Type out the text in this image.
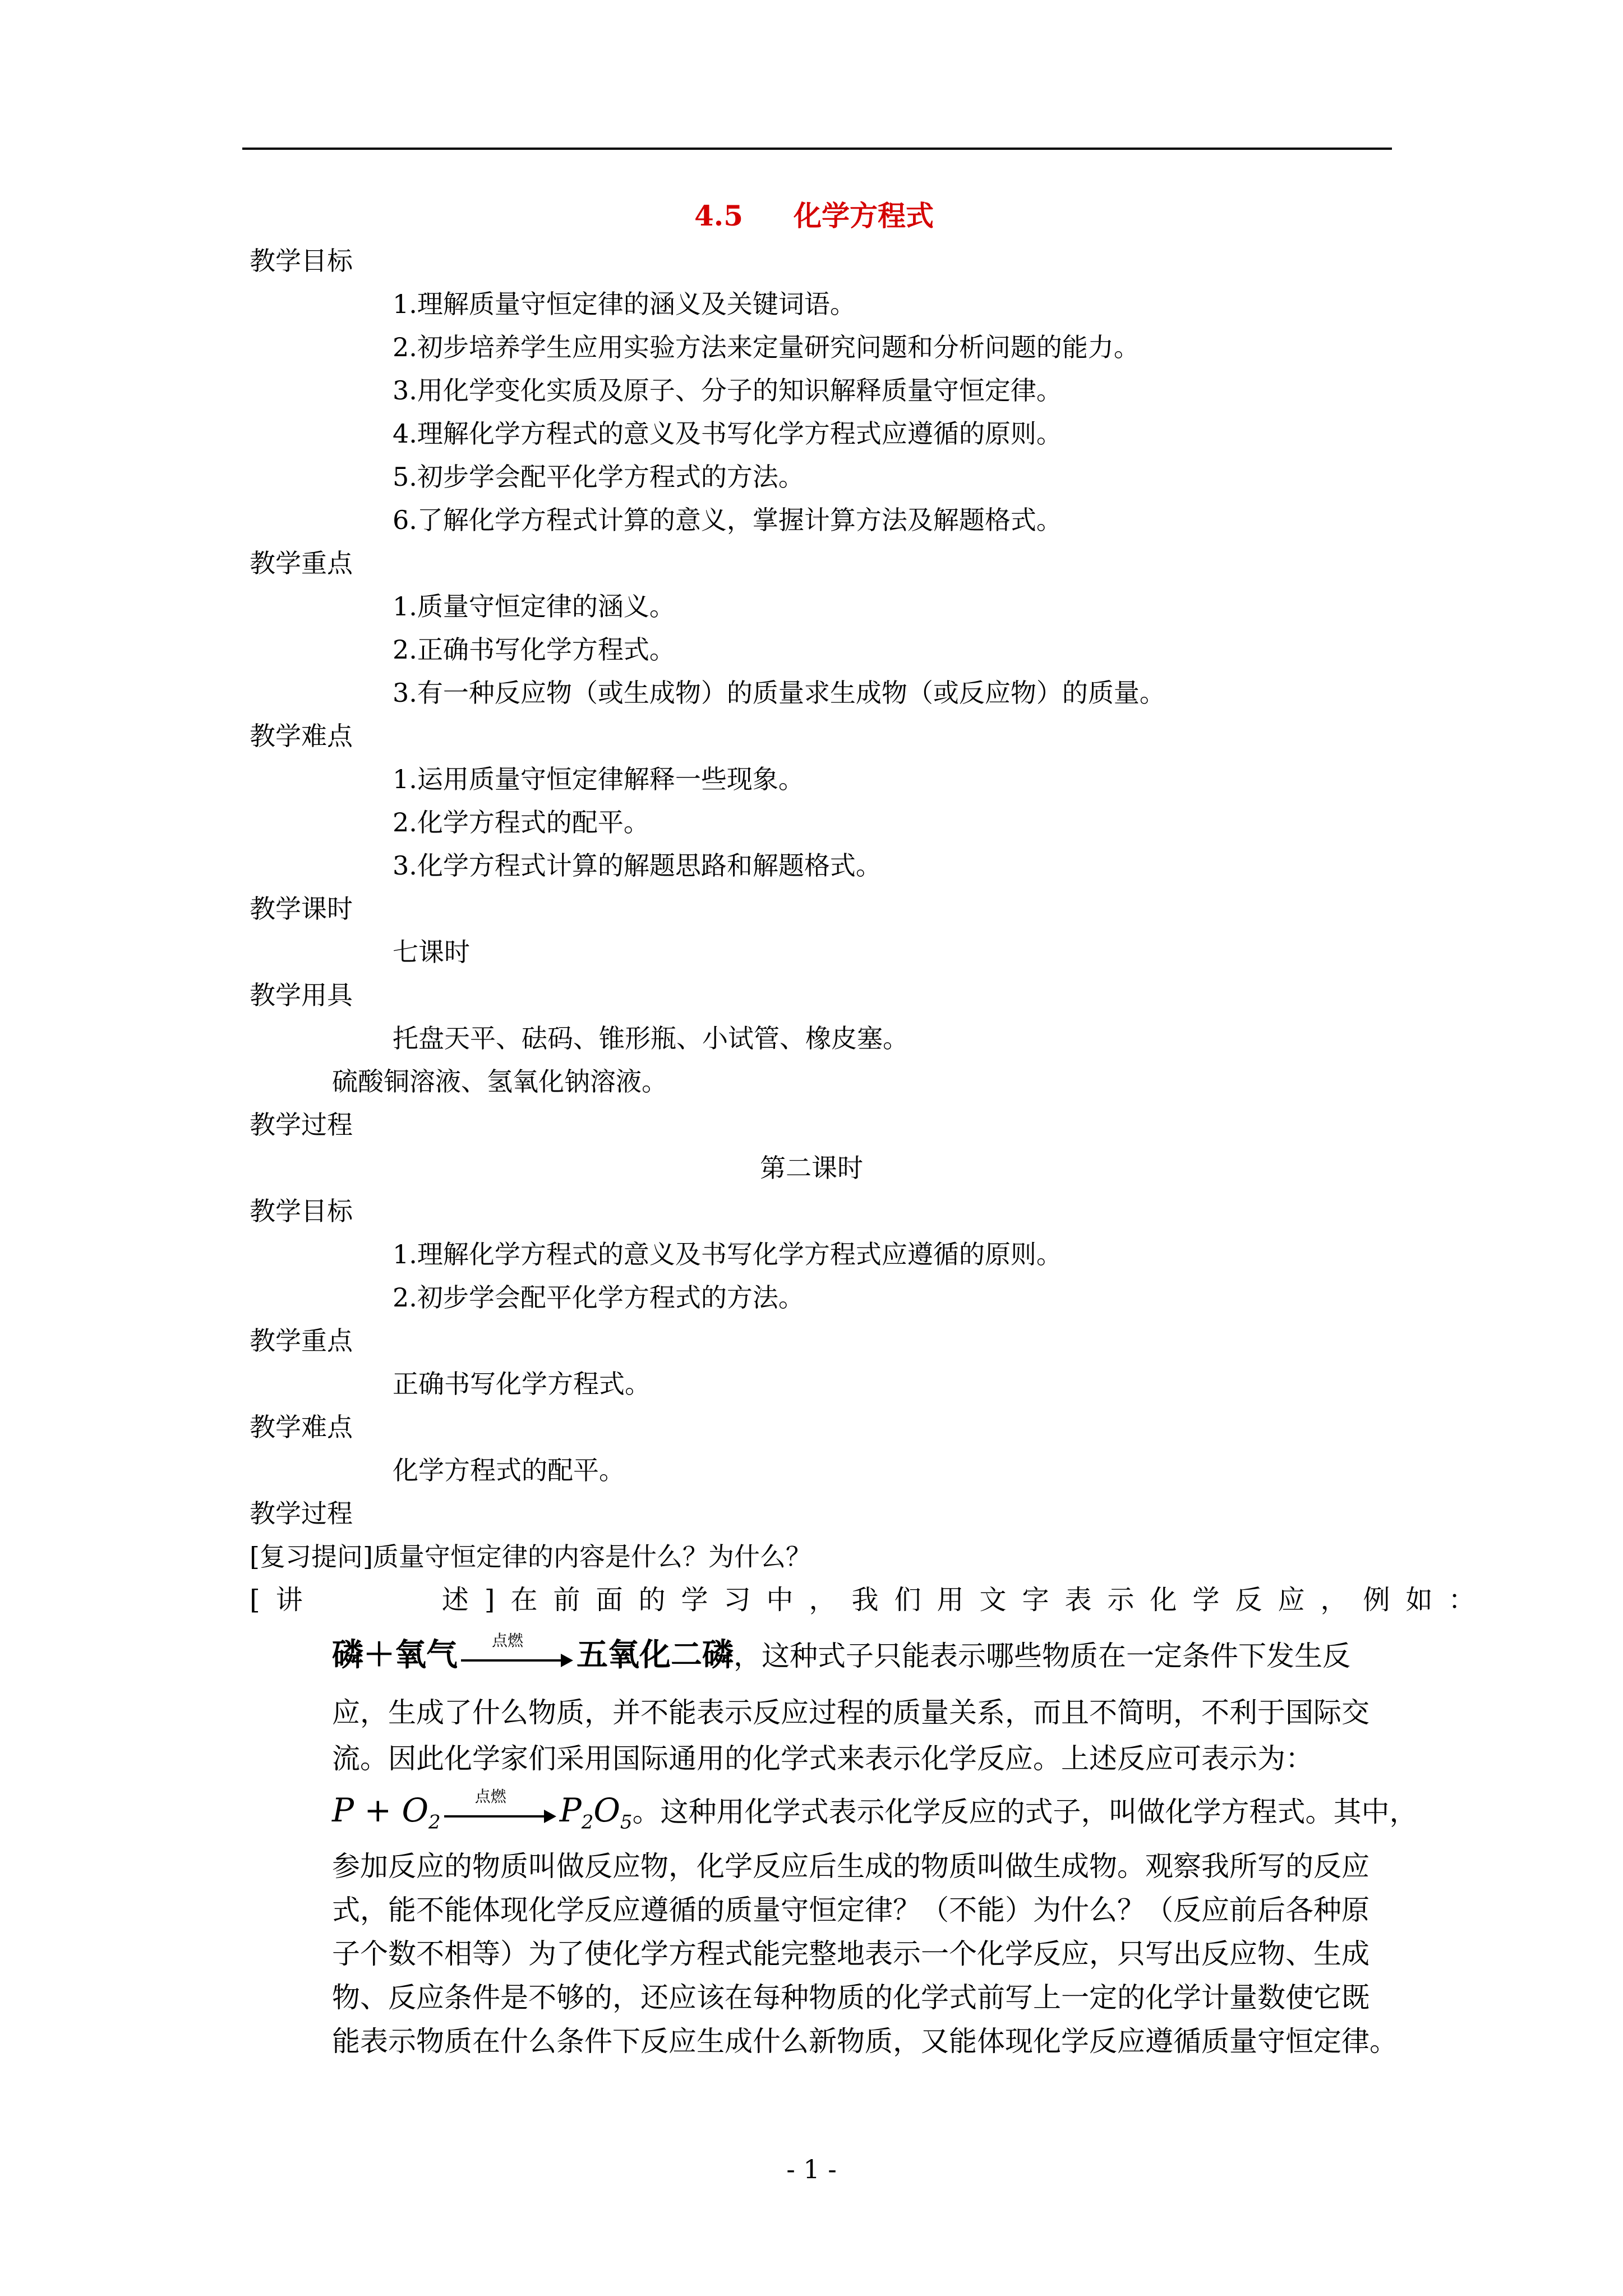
4.5 化学方程式
教学目标
1.理解质量守恒定律的涵义及关键词语。
2.初步培养学生应用实验方法来定量研究问题和分析问题的能力。
3.用化学变化实质及原子、分子的知识解释质量守恒定律。
4.理解化学方程式的意义及书写化学方程式应遵循的原则。
5.初步学会配平化学方程式的方法。
6.了解化学方程式计算的意义，掌握计算方法及解题格式。
教学重点
1.质量守恒定律的涵义。
2.正确书写化学方程式。
3.有一种反应物（或生成物）的质量求生成物（或反应物）的质量。
教学难点
1.运用质量守恒定律解释一些现象。
2.化学方程式的配平。
3.化学方程式计算的解题思路和解题格式。
教学课时
七课时
教学用具
托盘天平、砝码、锥形瓶、小试管、橡皮塞。
硫酸铜溶液、氢氧化钠溶液。
教学过程
第二课时
教学目标
1.理解化学方程式的意义及书写化学方程式应遵循的原则。
2.初步学会配平化学方程式的方法。
教学重点
正确书写化学方程式。
教学难点
化学方程式的配平。
教学过程
[复习提问]质量守恒定律的内容是什么？为什么？
[讲	述]在前面的学习中，我们用文字表示化学反应，例如：
磷＋氧气 点燃 五氧化二磷，这种式子只能表示哪些物质在一定条件下发生反
应，生成了什么物质，并不能表示反应过程的质量关系，而且不简明，不利于国际交
流。因此化学家们采用国际通用的化学式来表示化学反应。上述反应可表示为：
$P + O_2$
点燃 $P_2O_5$。这种用化学式表示化学反应的式子，叫做化学方程式。其中，
参加反应的物质叫做反应物，化学反应后生成的物质叫做生成物。观察我所写的反应
式，能不能体现化学反应遵循的质量守恒定律？（不能）为什么？（反应前后各种原
子个数不相等）为了使化学方程式能完整地表示一个化学反应，只写出反应物、生成
物、反应条件是不够的，还应该在每种物质的化学式前写上一定的化学计量数使它既
能表示物质在什么条件下反应生成什么新物质，又能体现化学反应遵循质量守恒定律。
- 1 -
